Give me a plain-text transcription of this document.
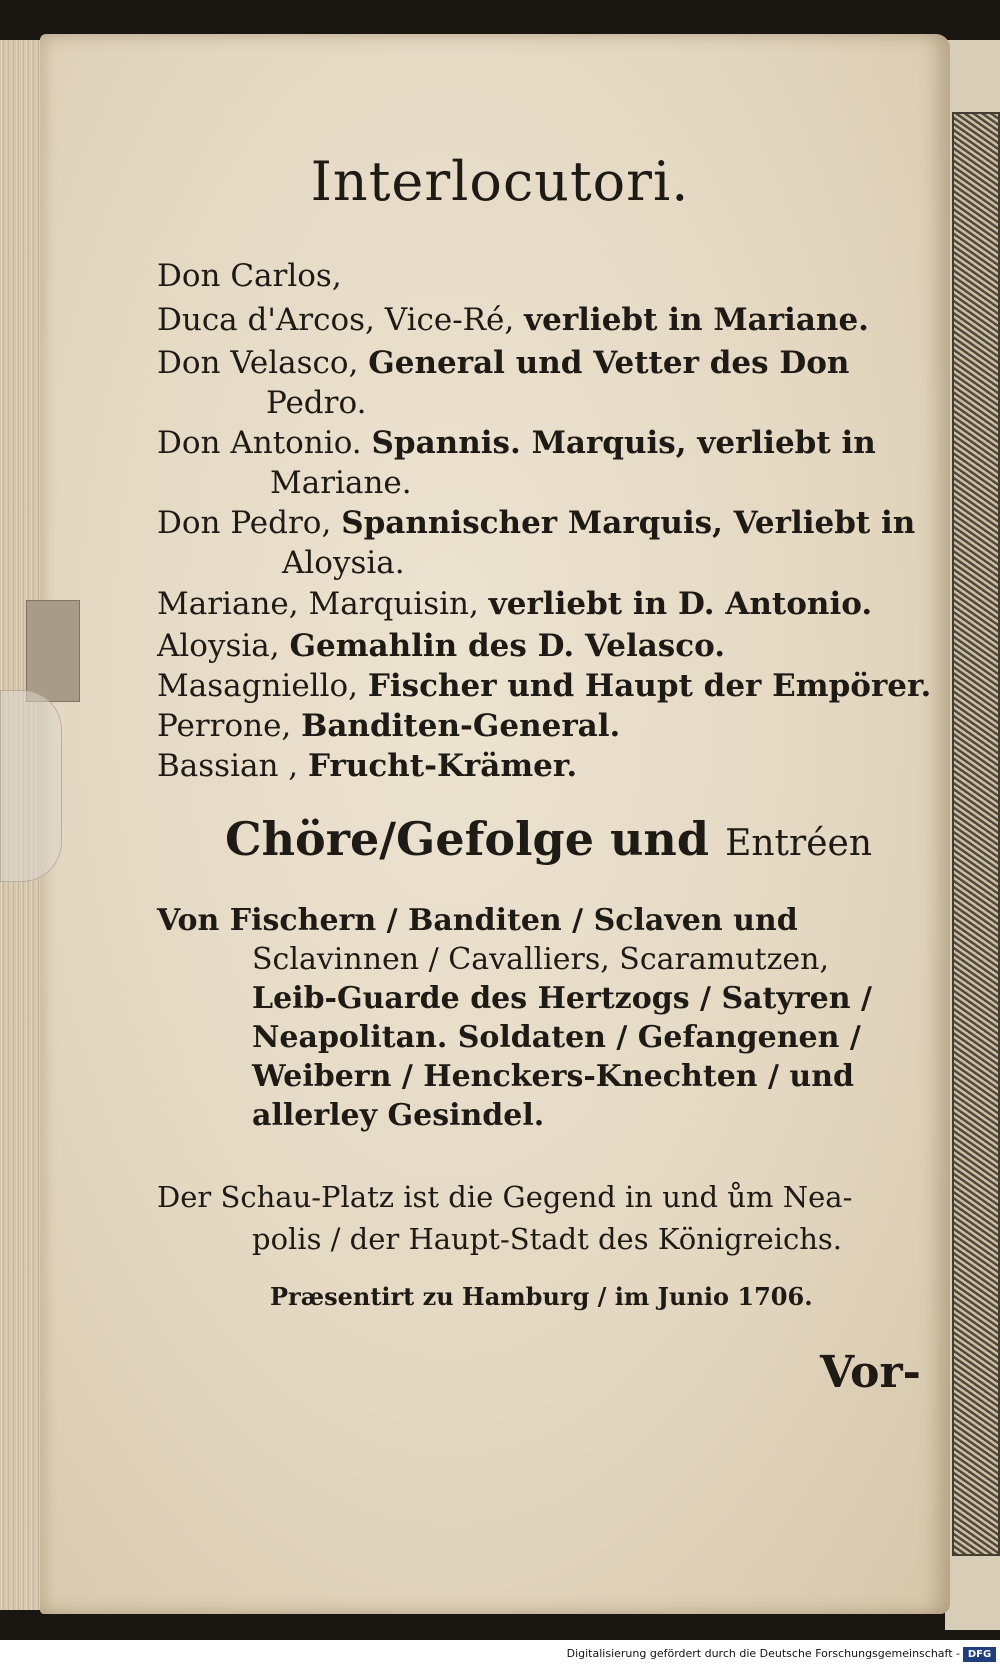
Interlocutori.
Don Carlos,
Duca d'Arcos, Vice-Ré, verliebt in Mariane.
Don Velasco, General und Vetter des Don
Pedro.
Don Antonio. Spannis. Marquis, verliebt in
Mariane.
Don Pedro, Spannischer Marquis, Verliebt in
Aloysia.
Mariane, Marquisin, verliebt in D. Antonio.
Aloysia, Gemahlin des D. Velasco.
Masagniello, Fischer und Haupt der Empörer.
Perrone, Banditen-General.
Bassian , Frucht-Krämer.
Chöre/Gefolge und Entréen
Von Fischern / Banditen / Sclaven und
Sclavinnen / Cavalliers, Scaramutzen,
Leib-Guarde des Hertzogs / Satyren /
Neapolitan. Soldaten / Gefangenen /
Weibern / Henckers-Knechten / und
allerley Gesindel.
Der Schau-Platz ist die Gegend in und ům Nea-
polis / der Haupt-Stadt des Königreichs.
Præsentirt zu Hamburg / im Junio 1706.
Vor-
Digitalisierung gefördert durch die Deutsche Forschungsgemeinschaft - DFG
